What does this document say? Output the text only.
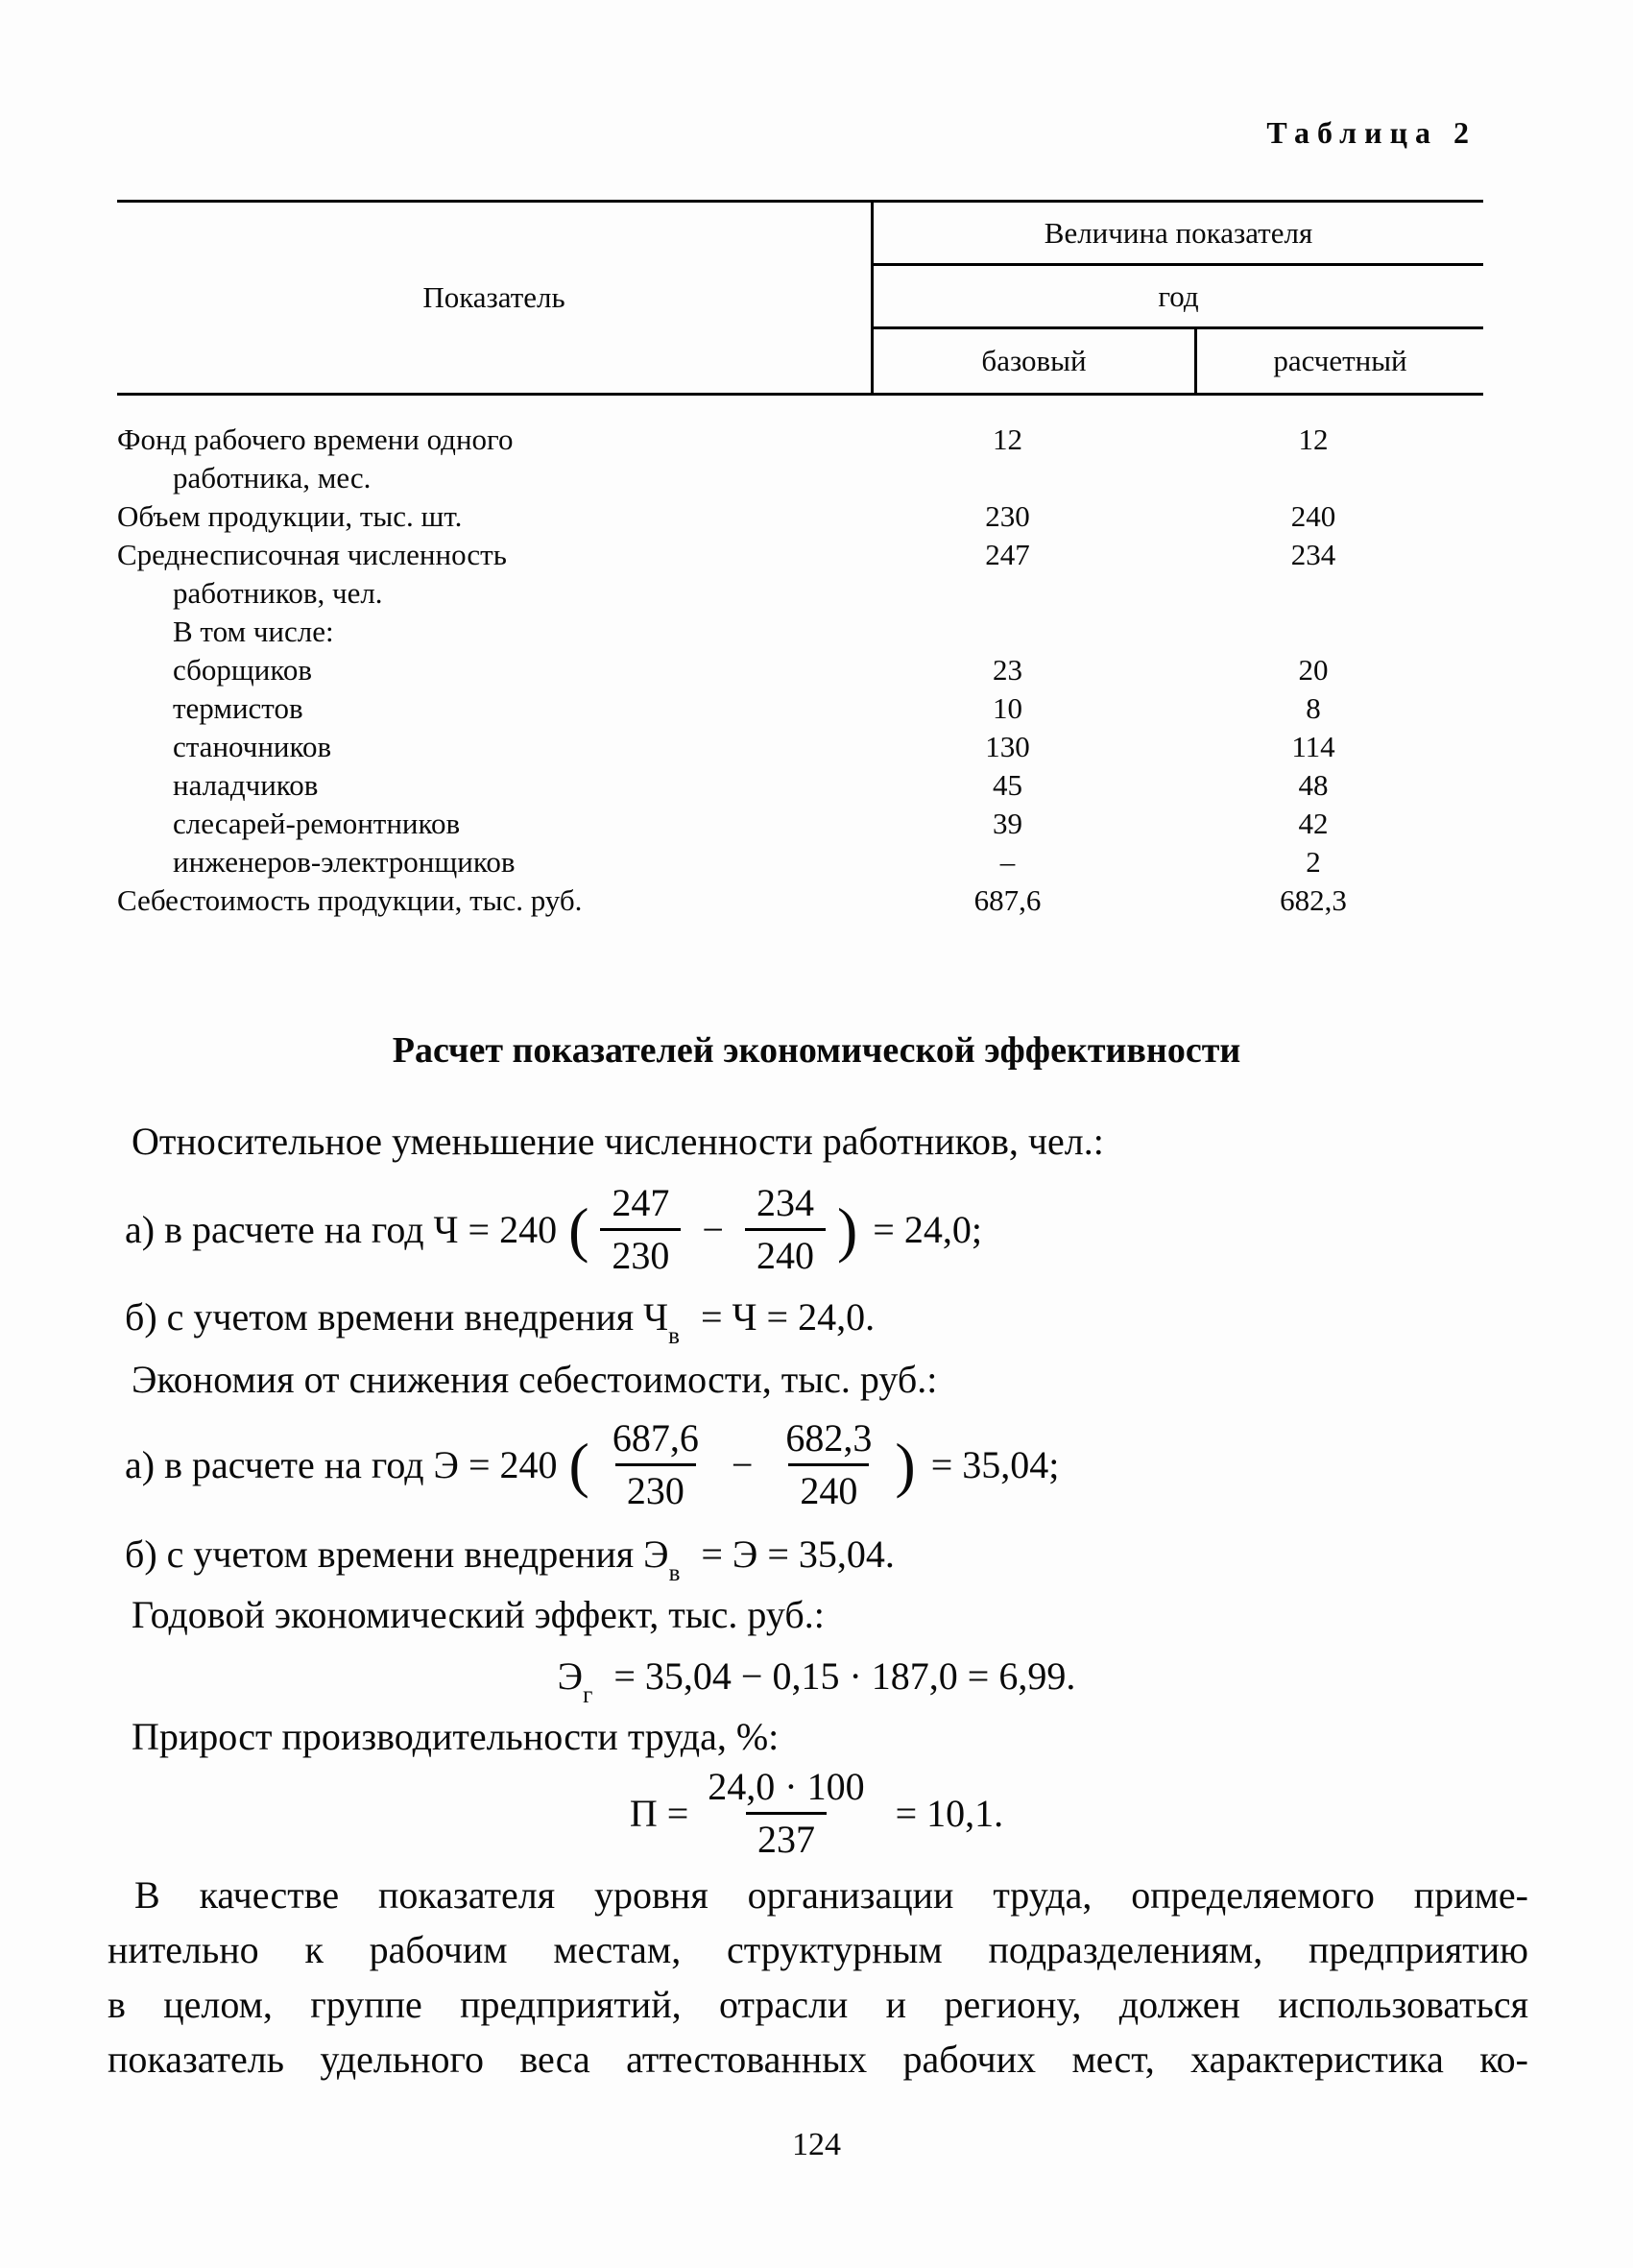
Таблица 2
Показатель
Величина показателя
год
базовый	расчетный
Фонд рабочего времени одного	12	12
работника, мес.
Объем продукции, тыс. шт.	230	240
Среднесписочная численность	247	234
работников, чел.
В том числе:
сборщиков	23	20
термистов	10	8
станочников	130	114
наладчиков	45	48
слесарей-ремонтников	39	42
инженеров-электронщиков	–	2
Себестоимость продукции, тыс. руб.	687,6	682,3
Расчет показателей экономической эффективности
Относительное уменьшение численности работников, чел.:
а) в расчете на год Ч = 240 ( $\frac{247}{230} - \frac{234}{240}$ ) = 24,0;
б) с учетом времени внедрения $Ч_в = Ч = 24,0$.
Экономия от снижения себестоимости, тыс. руб.:
а) в расчете на год Э = 240 ( $\frac{687,6}{230} - \frac{682,3}{240}$ ) = 35,04;
б) с учетом времени внедрения $Э_в = Э = 35,04$.
Годовой экономический эффект, тыс. руб.:
$Э_г = 35,04 - 0,15 \cdot 187,0 = 6,99$.
Прирост производительности труда, %:
$П = \frac{24,0 \cdot 100}{237} = 10,1$.
В качестве показателя уровня организации труда, определяемого приме-
нительно к рабочим местам, структурным подразделениям, предприятию
в целом, группе предприятий, отрасли и региону, должен использоваться
показатель удельного веса аттестованных рабочих мест, характеристика ко-
124
